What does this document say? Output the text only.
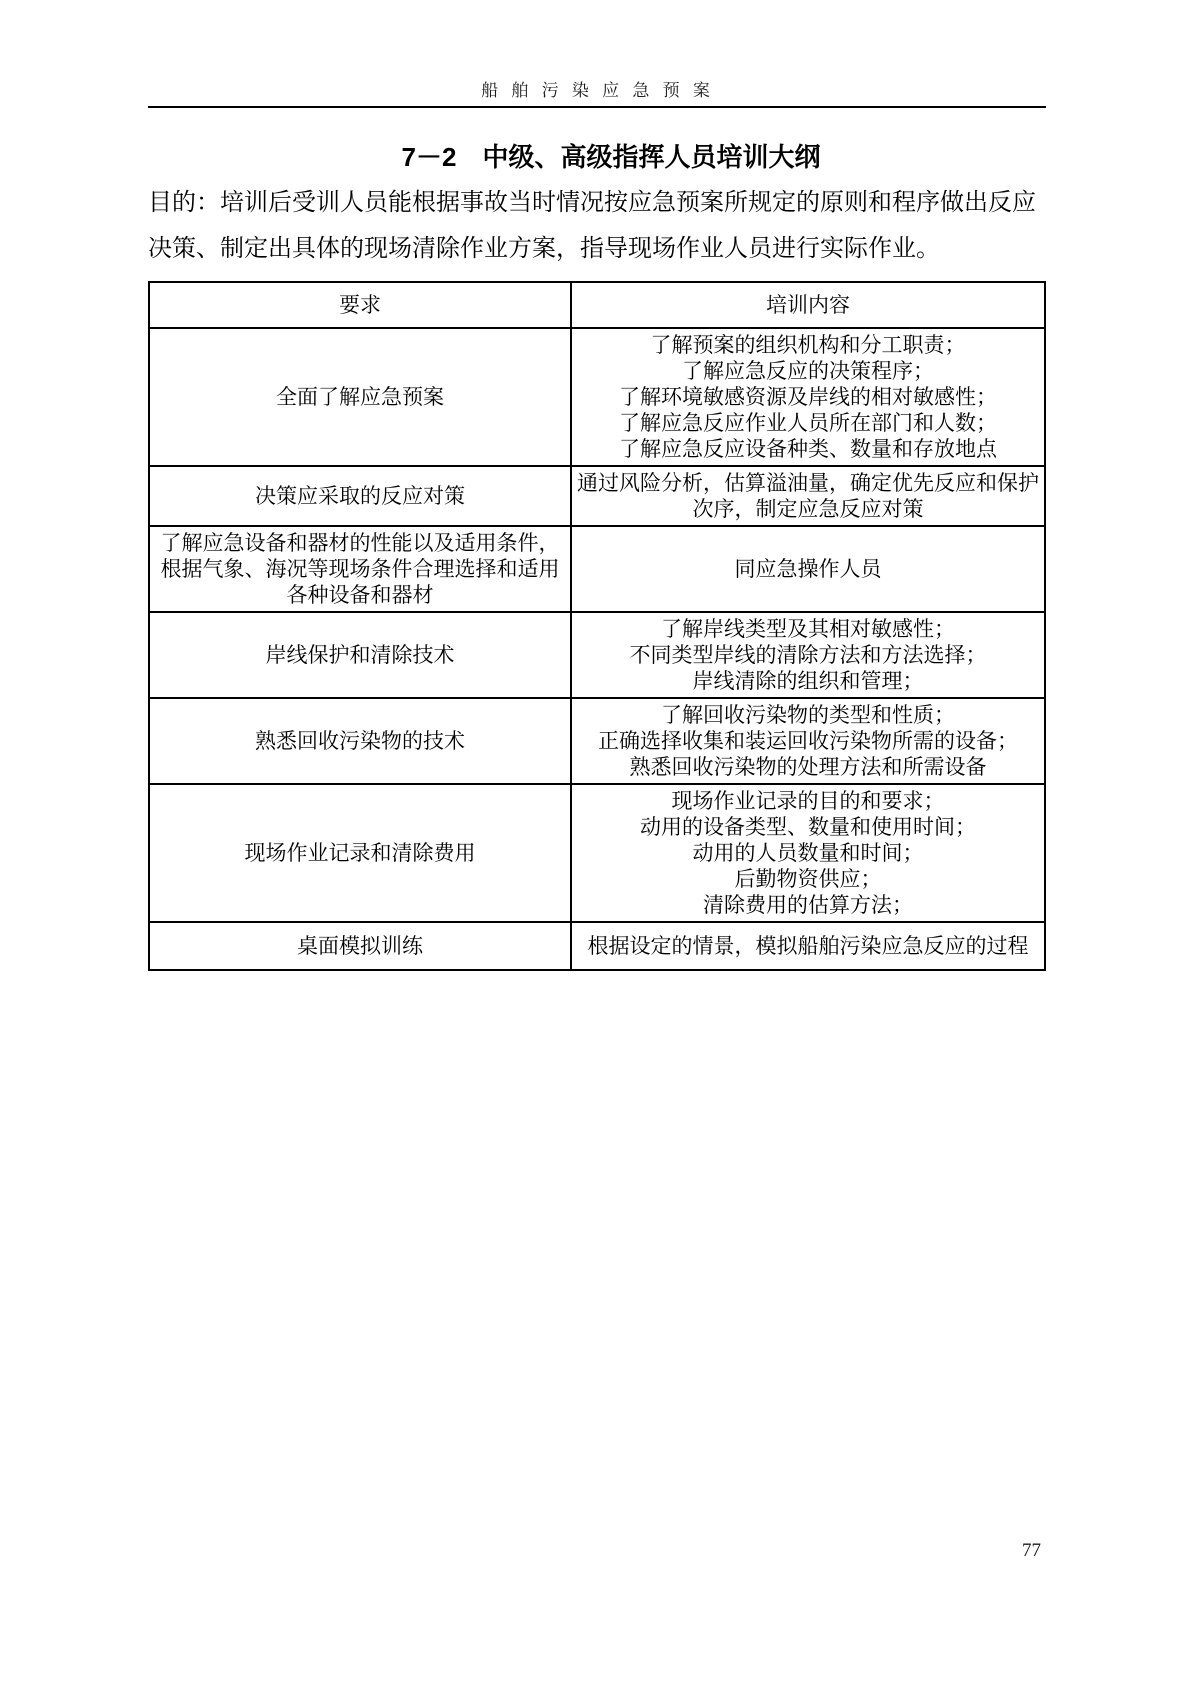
船 舶 污 染 应 急 预 案
7－2　中级、高级指挥人员培训大纲
目的：培训后受训人员能根据事故当时情况按应急预案所规定的原则和程序做出反应
决策、制定出具体的现场清除作业方案，指导现场作业人员进行实际作业。
要求	培训内容

全面了解应急预案	了解预案的组织机构和分工职责；
了解应急反应的决策程序；
了解环境敏感资源及岸线的相对敏感性；
了解应急反应作业人员所在部门和人数；
了解应急反应设备种类、数量和存放地点

决策应采取的反应对策	通过风险分析，估算溢油量，确定优先反应和保护
次序，制定应急反应对策

了解应急设备和器材的性能以及适用条件，
根据气象、海况等现场条件合理选择和适用
各种设备和器材	同应急操作人员

岸线保护和清除技术	了解岸线类型及其相对敏感性；
不同类型岸线的清除方法和方法选择；
岸线清除的组织和管理；

熟悉回收污染物的技术	了解回收污染物的类型和性质；
正确选择收集和装运回收污染物所需的设备；
熟悉回收污染物的处理方法和所需设备

现场作业记录和清除费用	现场作业记录的目的和要求；
动用的设备类型、数量和使用时间；
动用的人员数量和时间；
后勤物资供应；
清除费用的估算方法；

桌面模拟训练	根据设定的情景，模拟船舶污染应急反应的过程
77
